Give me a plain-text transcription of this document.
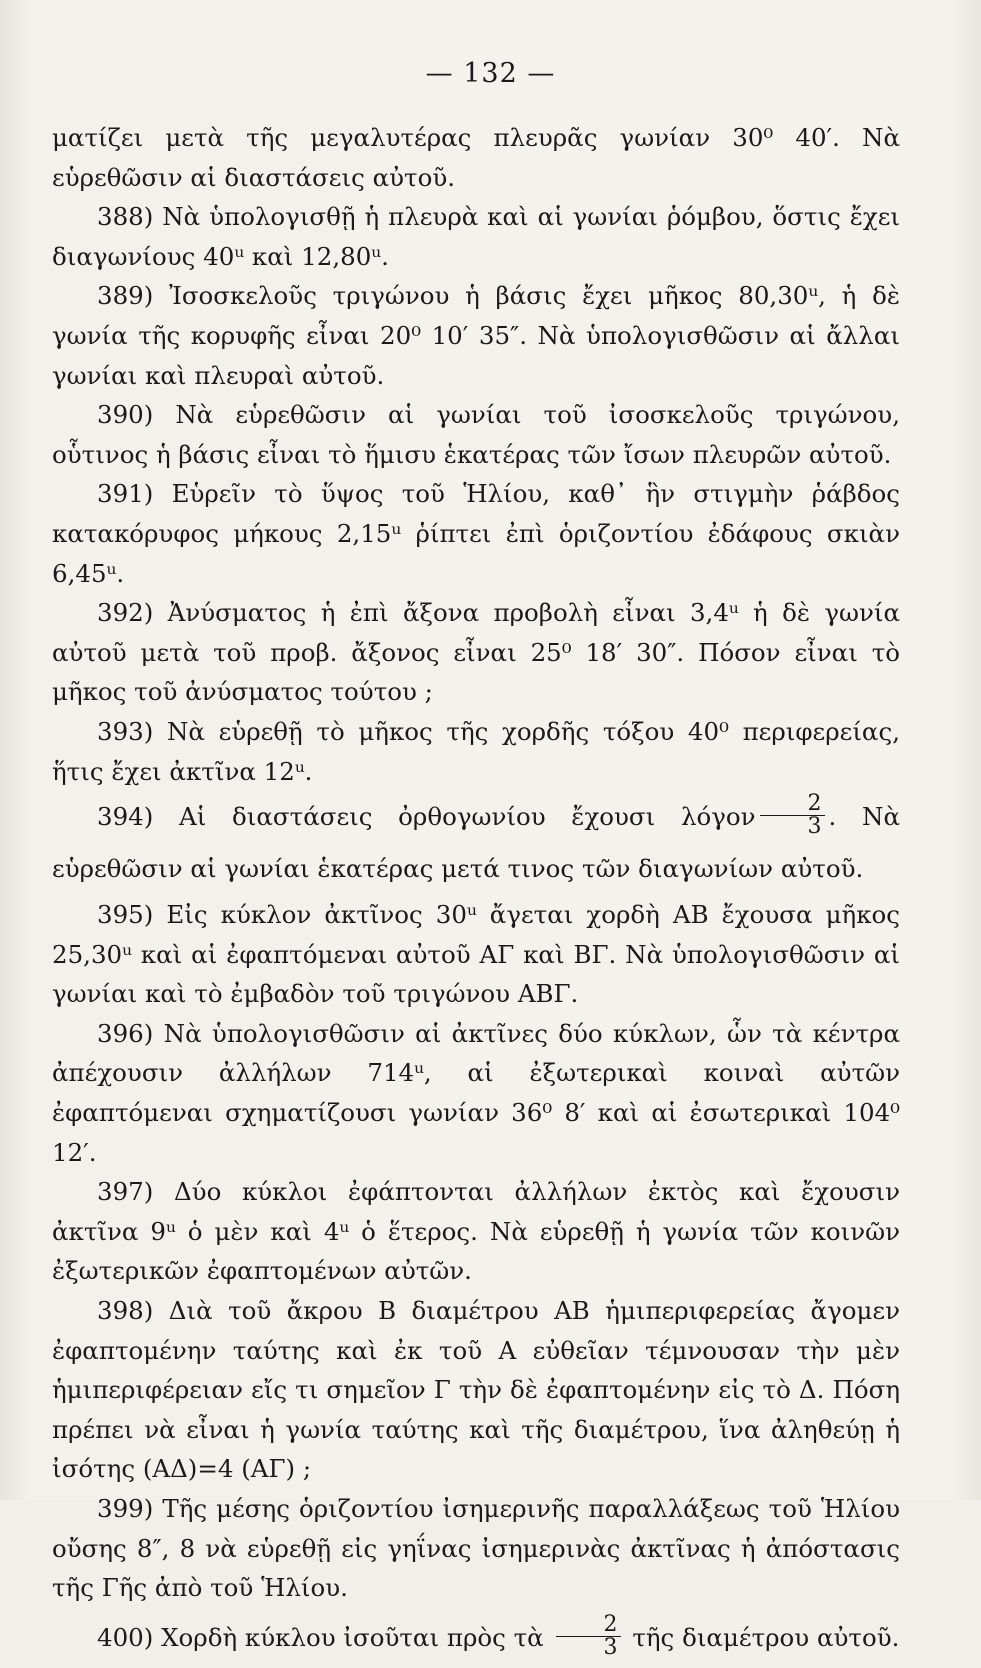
— 132 —

ματίζει μετὰ τῆς μεγαλυτέρας πλευρᾶς γωνίαν 30⁰ 40′. Νὰ εὑρεθῶσιν αἱ διαστάσεις αὐτοῦ.

388) Νὰ ὑπολογισθῇ ἡ πλευρὰ καὶ αἱ γωνίαι ῥόμβου, ὅστις ἔχει διαγωνίους 40ᵘ καὶ 12,80ᵘ.

389) Ἰσοσκελοῦς τριγώνου ἡ βάσις ἔχει μῆκος 80,30ᵘ, ἡ δὲ γωνία τῆς κορυφῆς εἶναι 20⁰ 10′ 35″. Νὰ ὑπολογισθῶσιν αἱ ἄλλαι γωνίαι καὶ πλευραὶ αὐτοῦ.

390) Νὰ εὑρεθῶσιν αἱ γωνίαι τοῦ ἰσοσκελοῦς τριγώνου, οὗτινος ἡ βάσις εἶναι τὸ ἥμισυ ἑκατέρας τῶν ἴσων πλευρῶν αὐτοῦ.

391) Εὑρεῖν τὸ ὕψος τοῦ Ἡλίου, καθ᾽ ἣν στιγμὴν ῥάβδος κατακόρυφος μήκους 2,15ᵘ ῥίπτει ἐπὶ ὁριζοντίου ἐδάφους σκιὰν 6,45ᵘ.

392) Ἀνύσματος ἡ ἐπὶ ἄξονα προβολὴ εἶναι 3,4ᵘ ἡ δὲ γωνία αὐτοῦ μετὰ τοῦ προβ. ἄξονος εἶναι 25⁰ 18′ 30″. Πόσον εἶναι τὸ μῆκος τοῦ ἀνύσματος τούτου ;

393) Νὰ εὑρεθῇ τὸ μῆκος τῆς χορδῆς τόξου 40⁰ περιφερείας, ἥτις ἔχει ἀκτῖνα 12ᵘ.

394) Αἱ διαστάσεις ὀρθογωνίου ἔχουσι λόγον $\frac{2}{3}$ . Νὰ εὑρεθῶσιν αἱ γωνίαι ἑκατέρας μετά τινος τῶν διαγωνίων αὐτοῦ.

395) Εἰς κύκλον ἀκτῖνος 30ᵘ ἄγεται χορδὴ ΑΒ ἔχουσα μῆκος 25,30ᵘ καὶ αἱ ἐφαπτόμεναι αὐτοῦ ΑΓ καὶ ΒΓ. Νὰ ὑπολογισθῶσιν αἱ γωνίαι καὶ τὸ ἐμβαδὸν τοῦ τριγώνου ΑΒΓ.

396) Νὰ ὑπολογισθῶσιν αἱ ἀκτῖνες δύο κύκλων, ὧν τὰ κέντρα ἀπέχουσιν ἀλλήλων 714ᵘ, αἱ ἐξωτερικαὶ κοιναὶ αὐτῶν ἐφαπτόμεναι σχηματίζουσι γωνίαν 36⁰ 8′ καὶ αἱ ἐσωτερικαὶ 104⁰ 12′.

397) Δύο κύκλοι ἐφάπτονται ἀλλήλων ἐκτὸς καὶ ἔχουσιν ἀκτῖνα 9ᵘ ὁ μὲν καὶ 4ᵘ ὁ ἕτερος. Νὰ εὑρεθῇ ἡ γωνία τῶν κοινῶν ἐξωτερικῶν ἐφαπτομένων αὐτῶν.

398) Διὰ τοῦ ἄκρου Β διαμέτρου ΑΒ ἡμιπεριφερείας ἄγομεν ἐφαπτομένην ταύτης καὶ ἐκ τοῦ Α εὐθεῖαν τέμνουσαν τὴν μὲν ἡμιπεριφέρειαν εἴς τι σημεῖον Γ τὴν δὲ ἐφαπτομένην εἰς τὸ Δ. Πόση πρέπει νὰ εἶναι ἡ γωνία ταύτης καὶ τῆς διαμέτρου, ἵνα ἀληθεύῃ ἡ ἰσότης (ΑΔ)=4 (ΑΓ) ;

399) Τῆς μέσης ὁριζοντίου ἰσημερινῆς παραλλάξεως τοῦ Ἡλίου οὔσης 8″, 8 νὰ εὑρεθῇ εἰς γηΐνας ἰσημερινὰς ἀκτῖνας ἡ ἀπόστασις τῆς Γῆς ἀπὸ τοῦ Ἡλίου.

400) Χορδὴ κύκλου ἰσοῦται πρὸς τὰ $\frac{2}{3}$ τῆς διαμέτρου αὐτοῦ.
